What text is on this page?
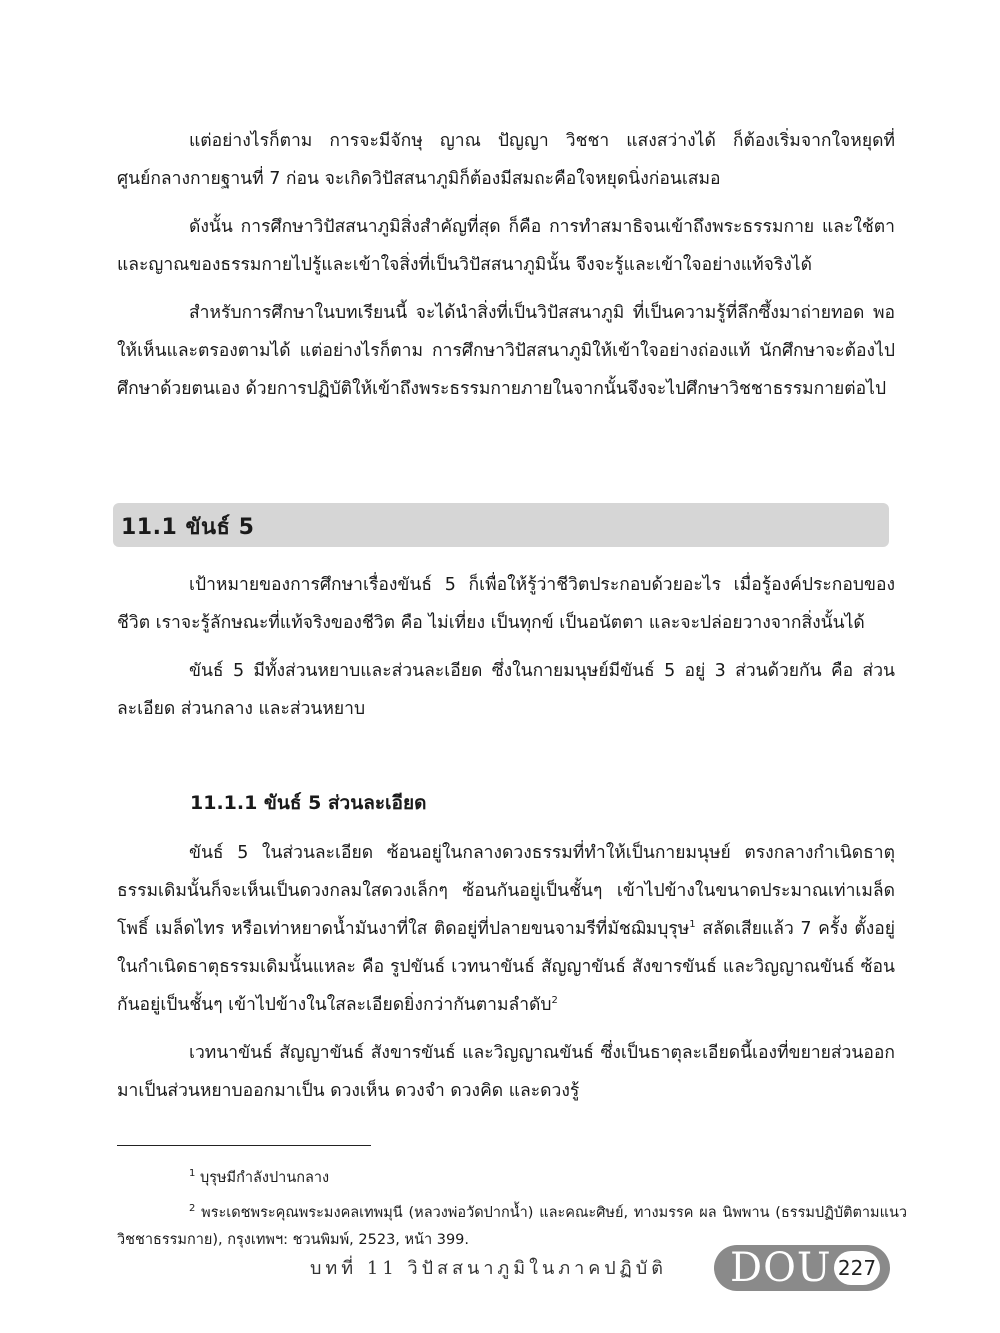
แต่อย่างไรก็ตาม การจะมีจักษุ ญาณ ปัญญา วิชชา แสงสว่างได้ ก็ต้องเริ่มจากใจหยุดที่ศูนย์กลางกายฐานที่ 7 ก่อน จะเกิดวิปัสสนาภูมิก็ต้องมีสมถะคือใจหยุดนิ่งก่อนเสมอ

ดังนั้น การศึกษาวิปัสสนาภูมิสิ่งสำคัญที่สุด ก็คือ การทำสมาธิจนเข้าถึงพระธรรมกาย และใช้ตาและญาณของธรรมกายไปรู้และเข้าใจสิ่งที่เป็นวิปัสสนาภูมินั้น จึงจะรู้และเข้าใจอย่างแท้จริงได้

สำหรับการศึกษาในบทเรียนนี้ จะได้นำสิ่งที่เป็นวิปัสสนาภูมิ ที่เป็นความรู้ที่ลึกซึ้งมาถ่ายทอด พอให้เห็นและตรองตามได้ แต่อย่างไรก็ตาม การศึกษาวิปัสสนาภูมิให้เข้าใจอย่างถ่องแท้ นักศึกษาจะต้องไปศึกษาด้วยตนเอง ด้วยการปฏิบัติให้เข้าถึงพระธรรมกายภายในจากนั้นจึงจะไปศึกษาวิชชาธรรมกายต่อไป

11.1 ขันธ์ 5

เป้าหมายของการศึกษาเรื่องขันธ์ 5 ก็เพื่อให้รู้ว่าชีวิตประกอบด้วยอะไร เมื่อรู้องค์ประกอบของชีวิต เราจะรู้ลักษณะที่แท้จริงของชีวิต คือ ไม่เที่ยง เป็นทุกข์ เป็นอนัตตา และจะปล่อยวางจากสิ่งนั้นได้

ขันธ์ 5 มีทั้งส่วนหยาบและส่วนละเอียด ซึ่งในกายมนุษย์มีขันธ์ 5 อยู่ 3 ส่วนด้วยกัน คือ ส่วนละเอียด ส่วนกลาง และส่วนหยาบ

11.1.1 ขันธ์ 5 ส่วนละเอียด

ขันธ์ 5 ในส่วนละเอียด ซ้อนอยู่ในกลางดวงธรรมที่ทำให้เป็นกายมนุษย์ ตรงกลางกำเนิดธาตุธรรมเดิมนั้นก็จะเห็นเป็นดวงกลมใสดวงเล็กๆ ซ้อนกันอยู่เป็นชั้นๆ เข้าไปข้างในขนาดประมาณเท่าเมล็ดโพธิ์ เมล็ดไทร หรือเท่าหยาดน้ำมันงาที่ใส ติดอยู่ที่ปลายขนจามรีที่มัชฌิมบุรุษ$^1$ สลัดเสียแล้ว 7 ครั้ง ตั้งอยู่ในกำเนิดธาตุธรรมเดิมนั้นแหละ คือ รูปขันธ์ เวทนาขันธ์ สัญญาขันธ์ สังขารขันธ์ และวิญญาณขันธ์ ซ้อนกันอยู่เป็นชั้นๆ เข้าไปข้างในใสละเอียดยิ่งกว่ากันตามลำดับ$^2$

เวทนาขันธ์ สัญญาขันธ์ สังขารขันธ์ และวิญญาณขันธ์ ซึ่งเป็นธาตุละเอียดนี้เองที่ขยายส่วนออกมาเป็นส่วนหยาบออกมาเป็น ดวงเห็น ดวงจำ ดวงคิด และดวงรู้

$^1$ บุรุษมีกำลังปานกลาง

$^2$ พระเดชพระคุณพระมงคลเทพมุนี (หลวงพ่อวัดปากน้ำ) และคณะศิษย์, ทางมรรค ผล นิพพาน (ธรรมปฏิบัติตามแนววิชชาธรรมกาย), กรุงเทพฯ: ชวนพิมพ์, 2523, หน้า 399.

บทที่ 11 วิปัสสนาภูมิในภาคปฏิบัติ DOU 227
